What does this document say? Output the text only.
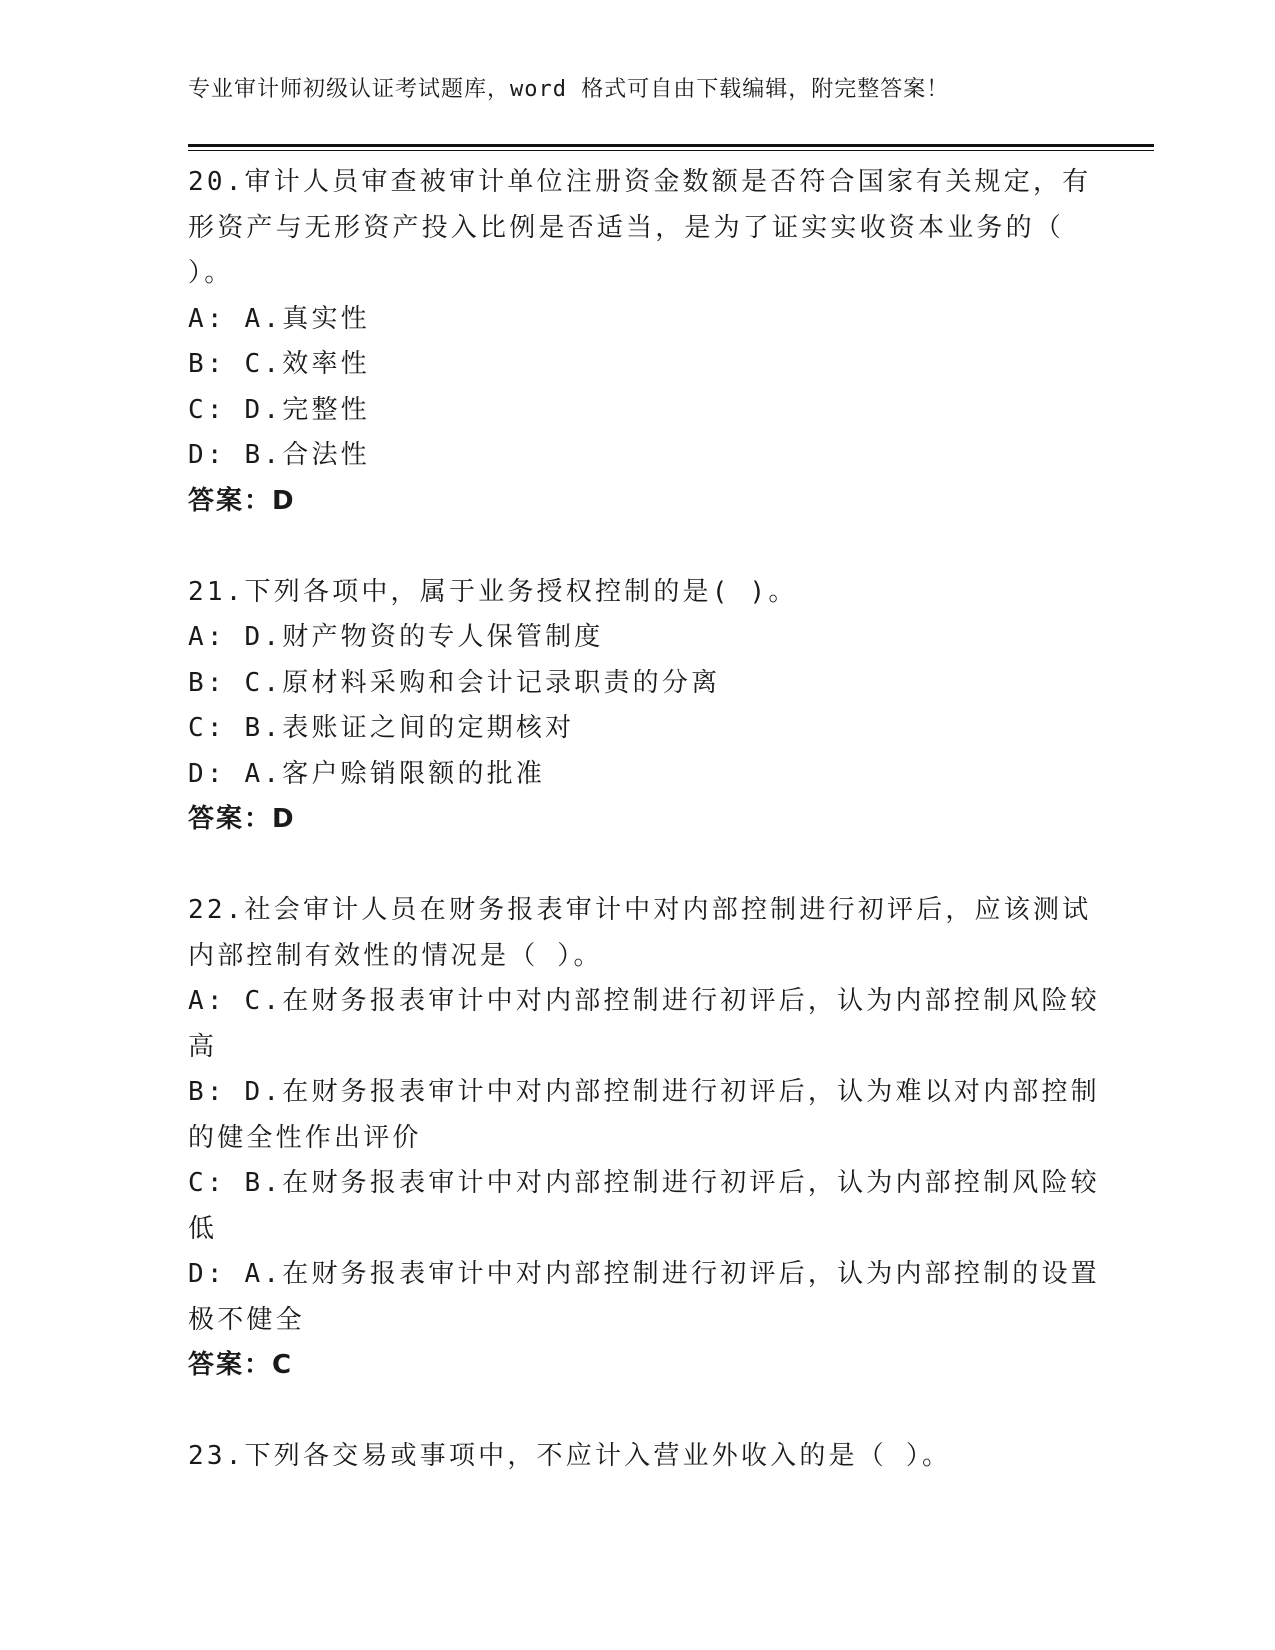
专业审计师初级认证考试题库，word 格式可自由下载编辑，附完整答案！
20.审计人员审查被审计单位注册资金数额是否符合国家有关规定，有
形资产与无形资产投入比例是否适当，是为了证实实收资本业务的（
）。
A: A.真实性
B: C.效率性
C: D.完整性
D: B.合法性
答案：D
21.下列各项中，属于业务授权控制的是( )。
A: D.财产物资的专人保管制度
B: C.原材料采购和会计记录职责的分离
C: B.表账证之间的定期核对
D: A.客户赊销限额的批准
答案：D
22.社会审计人员在财务报表审计中对内部控制进行初评后，应该测试
内部控制有效性的情况是（ ）。
A: C.在财务报表审计中对内部控制进行初评后，认为内部控制风险较
高
B: D.在财务报表审计中对内部控制进行初评后，认为难以对内部控制
的健全性作出评价
C: B.在财务报表审计中对内部控制进行初评后，认为内部控制风险较
低
D: A.在财务报表审计中对内部控制进行初评后，认为内部控制的设置
极不健全
答案：C
23.下列各交易或事项中，不应计入营业外收入的是（ ）。
